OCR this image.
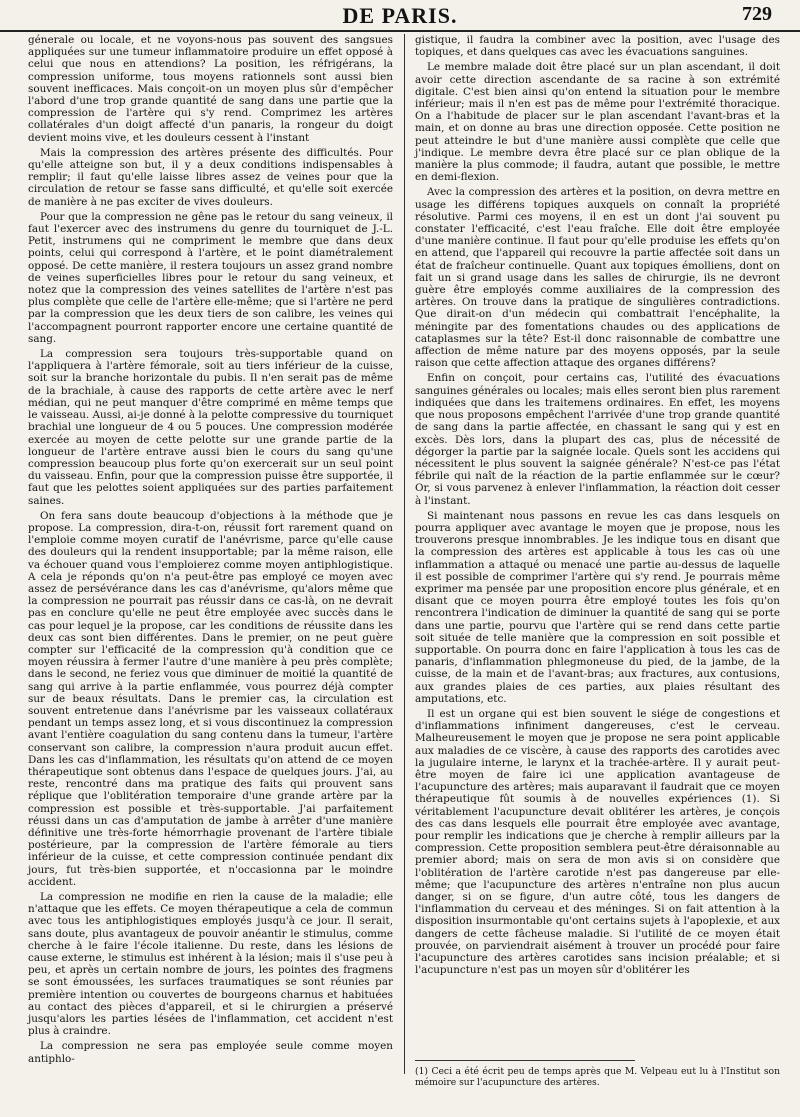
DE PARIS.	729

génerale ou locale, et ne voyons-nous pas souvent des sangsues appliquées sur une tumeur inflammatoire produire un effet opposé à celui que nous en attendions? La position, les réfrigérans, la compression uniforme, tous moyens rationnels sont aussi bien souvent inefficaces. Mais conçoit-on un moyen plus sûr d'empêcher l'abord d'une trop grande quantité de sang dans une partie que la compression de l'artère qui s'y rend. Comprimez les artères collatérales d'un doigt affecté d'un panaris, la rongeur du doigt devient moins vive, et les douleurs cessent à l'instant

Mais la compression des artères présente des difficultés. Pour qu'elle atteigne son but, il y a deux conditions indispensables à remplir; il faut qu'elle laisse libres assez de veines pour que la circulation de retour se fasse sans difficulté, et qu'elle soit exercée de manière à ne pas exciter de vives douleurs.

Pour que la compression ne gêne pas le retour du sang veineux, il faut l'exercer avec des instrumens du genre du tourniquet de J.-L. Petit, instrumens qui ne compriment le membre que dans deux points, celui qui correspond à l'artère, et le point diamétralement opposé. De cette manière, il restera toujours un assez grand nombre de veines superficielles libres pour le retour du sang veineux, et notez que la compression des veines satellites de l'artère n'est pas plus complète que celle de l'artère elle-même; que si l'artère ne perd par la compression que les deux tiers de son calibre, les veines qui l'accompagnent pourront rapporter encore une certaine quantité de sang.

La compression sera toujours très-supportable quand on l'appliquera à l'artère fémorale, soit au tiers inférieur de la cuisse, soit sur la branche horizontale du pubis. Il n'en serait pas de même de la brachiale, à cause des rapports de cette artère avec le nerf médian, qui ne peut manquer d'être comprimé en même temps que le vaisseau. Aussi, ai-je donné à la pelotte compressive du tourniquet brachial une longueur de 4 ou 5 pouces. Une compression modérée exercée au moyen de cette pelotte sur une grande partie de la longueur de l'artère entrave aussi bien le cours du sang qu'une compression beaucoup plus forte qu'on exercerait sur un seul point du vaisseau. Enfin, pour que la compression puisse être supportée, il faut que les pelottes soient appliquées sur des parties parfaitement saines.

On fera sans doute beaucoup d'objections à la méthode que je propose. La compression, dira-t-on, réussit fort rarement quand on l'emploie comme moyen curatif de l'anévrisme, parce qu'elle cause des douleurs qui la rendent insupportable; par la même raison, elle va échouer quand vous l'emploierez comme moyen antiphlogistique. A cela je réponds qu'on n'a peut-être pas employé ce moyen avec assez de persévérance dans les cas d'anévrisme, qu'alors même que la compression ne pourrait pas réussir dans ce cas-là, on ne devrait pas en conclure qu'elle ne peut être employée avec succès dans le cas pour lequel je la propose, car les conditions de réussite dans les deux cas sont bien différentes. Dans le premier, on ne peut guère compter sur l'efficacité de la compression qu'à condition que ce moyen réussira à fermer l'autre d'une manière à peu près complète; dans le second, ne feriez vous que diminuer de moitié la quantité de sang qui arrive à la partie enflammée, vous pourrez déjà compter sur de beaux résultats. Dans le premier cas, la circulation est souvent entretenue dans l'anévrisme par les vaisseaux collatéraux pendant un temps assez long, et si vous discontinuez la compression avant l'entière coagulation du sang contenu dans la tumeur, l'artère conservant son calibre, la compression n'aura produit aucun effet. Dans les cas d'inflammation, les résultats qu'on attend de ce moyen thérapeutique sont obtenus dans l'espace de quelques jours. J'ai, au reste, rencontré dans ma pratique des faits qui prouvent sans réplique que l'oblitération temporaire d'une grande artère par la compression est possible et très-supportable. J'ai parfaitement réussi dans un cas d'amputation de jambe à arrêter d'une manière définitive une très-forte hémorrhagie provenant de l'artère tibiale postérieure, par la compression de l'artère fémorale au tiers inférieur de la cuisse, et cette compression continuée pendant dix jours, fut très-bien supportée, et n'occasionna par le moindre accident.

La compression ne modifie en rien la cause de la maladie; elle n'attaque que les effets. Ce moyen thérapeutique a cela de commun avec tous les antiphlogistiques employés jusqu'à ce jour. Il serait, sans doute, plus avantageux de pouvoir anéantir le stimulus, comme cherche à le faire l'école italienne. Du reste, dans les lésions de cause externe, le stimulus est inhérent à la lésion; mais il s'use peu à peu, et après un certain nombre de jours, les pointes des fragmens se sont émoussées, les surfaces traumatiques se sont réunies par première intention ou couvertes de bourgeons charnus et habituées au contact des pièces d'appareil, et si le chirurgien a préservé jusqu'alors les parties lésées de l'inflammation, cet accident n'est plus à craindre.

La compression ne sera pas employée seule comme moyen antiphlo-

gistique, il faudra la combiner avec la position, avec l'usage des topiques, et dans quelques cas avec les évacuations sanguines.

Le membre malade doit être placé sur un plan ascendant, il doit avoir cette direction ascendante de sa racine à son extrémité digitale. C'est bien ainsi qu'on entend la situation pour le membre inférieur; mais il n'en est pas de même pour l'extrémité thoracique. On a l'habitude de placer sur le plan ascendant l'avant-bras et la main, et on donne au bras une direction opposée. Cette position ne peut atteindre le but d'une manière aussi complète que celle que j'indique. Le membre devra être placé sur ce plan oblique de la manière la plus commode; il faudra, autant que possible, le mettre en demi-flexion.

Avec la compression des artères et la position, on devra mettre en usage les différens topiques auxquels on connaît la propriété résolutive. Parmi ces moyens, il en est un dont j'ai souvent pu constater l'efficacité, c'est l'eau fraîche. Elle doit être employée d'une manière continue. Il faut pour qu'elle produise les effets qu'on en attend, que l'appareil qui recouvre la partie affectée soit dans un état de fraîcheur continuelle. Quant aux topiques émolliens, dont on fait un si grand usage dans les salles de chirurgie, ils ne devront guère être employés comme auxiliaires de la compression des artères. On trouve dans la pratique de singulières contradictions. Que dirait-on d'un médecin qui combattrait l'encéphalite, la méningite par des fomentations chaudes ou des applications de cataplasmes sur la tête? Est-il donc raisonnable de combattre une affection de même nature par des moyens opposés, par la seule raison que cette affection attaque des organes différens?

Enfin on conçoit, pour certains cas, l'utilité des évacuations sanguines générales ou locales; mais elles seront bien plus rarement indiquées que dans les traitemens ordinaires. En effet, les moyens que nous proposons empêchent l'arrivée d'une trop grande quantité de sang dans la partie affectée, en chassant le sang qui y est en excès. Dès lors, dans la plupart des cas, plus de nécessité de dégorger la partie par la saignée locale. Quels sont les accidens qui nécessitent le plus souvent la saignée générale? N'est-ce pas l'état fébrile qui naît de la réaction de la partie enflammée sur le cœur? Or, si vous parvenez à enlever l'inflammation, la réaction doit cesser à l'instant.

Si maintenant nous passons en revue les cas dans lesquels on pourra appliquer avec avantage le moyen que je propose, nous les trouverons presque innombrables. Je les indique tous en disant que la compression des artères est applicable à tous les cas où une inflammation a attaqué ou menacé une partie au-dessus de laquelle il est possible de comprimer l'artère qui s'y rend. Je pourrais même exprimer ma pensée par une proposition encore plus générale, et en disant que ce moyen pourra être employé toutes les fois qu'on rencontrera l'indication de diminuer la quantité de sang qui se porte dans une partie, pourvu que l'artère qui se rend dans cette partie soit située de telle manière que la compression en soit possible et supportable. On pourra donc en faire l'application à tous les cas de panaris, d'inflammation phlegmoneuse du pied, de la jambe, de la cuisse, de la main et de l'avant-bras; aux fractures, aux contusions, aux grandes plaies de ces parties, aux plaies résultant des amputations, etc.

Il est un organe qui est bien souvent le siége de congestions et d'inflammations infiniment dangereuses, c'est le cerveau. Malheureusement le moyen que je propose ne sera point applicable aux maladies de ce viscère, à cause des rapports des carotides avec la jugulaire interne, le larynx et la trachée-artère. Il y aurait peut-être moyen de faire ici une application avantageuse de l'acupuncture des artères; mais auparavant il faudrait que ce moyen thérapeutique fût soumis à de nouvelles expériences (1). Si véritablement l'acupuncture devait oblitérer les artères, je conçois des cas dans lesquels elle pourrait être employée avec avantage, pour remplir les indications que je cherche à remplir ailleurs par la compression. Cette proposition semblera peut-être déraisonnable au premier abord; mais on sera de mon avis si on considère que l'oblitération de l'artère carotide n'est pas dangereuse par elle-même; que l'acupuncture des artères n'entraîne non plus aucun danger, si on se figure, d'un autre côté, tous les dangers de l'inflammation du cerveau et des méninges. Si on fait attention à la disposition insurmontable qu'ont certains sujets à l'apoplexie, et aux dangers de cette fâcheuse maladie. Si l'utilité de ce moyen était prouvée, on parviendrait aisément à trouver un procédé pour faire l'acupuncture des artères carotides sans incision préalable; et si l'acupuncture n'est pas un moyen sûr d'oblitérer les

(1) Ceci a été écrit peu de temps après que M. Velpeau eut lu à l'Institut son mémoire sur l'acupuncture des artères.
